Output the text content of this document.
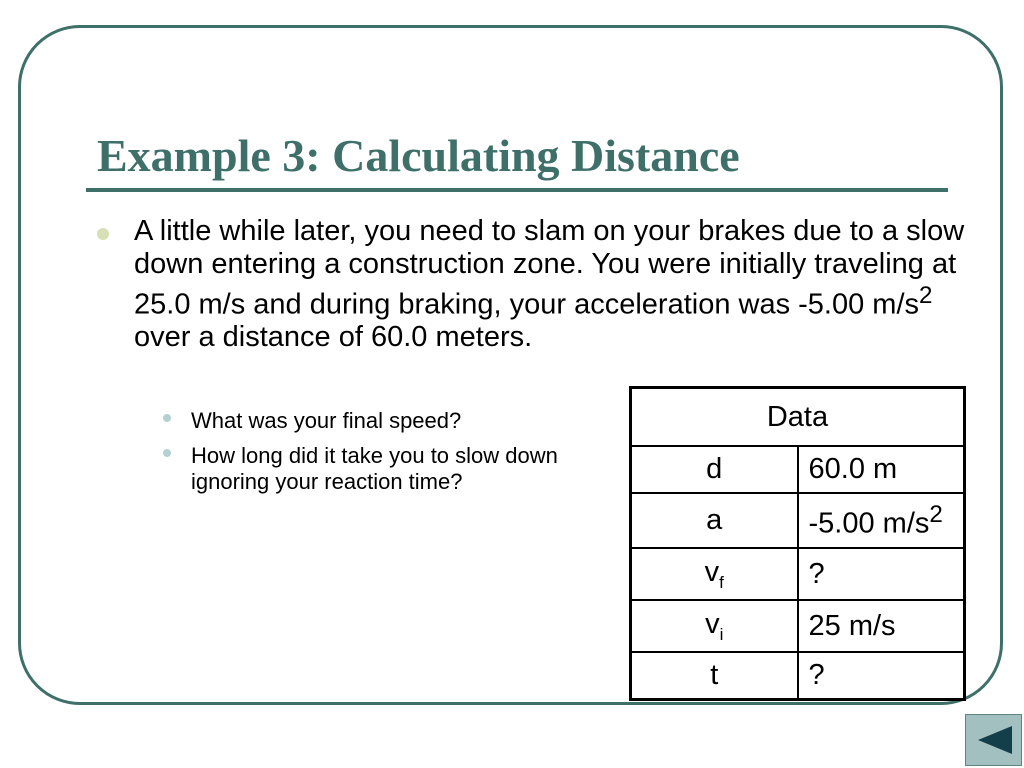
Example 3: Calculating Distance

A little while later, you need to slam on your brakes due to a slow down entering a construction zone. You were initially traveling at 25.0 m/s and during braking, your acceleration was -5.00 $m/s^2$ over a distance of 60.0 meters.

What was your final speed?
How long did it take you to slow down ignoring your reaction time?
Data	
d	60.0 m
a	-5.00 $m/s^2$
$v_f$	?
$v_i$	25 m/s
t	?
